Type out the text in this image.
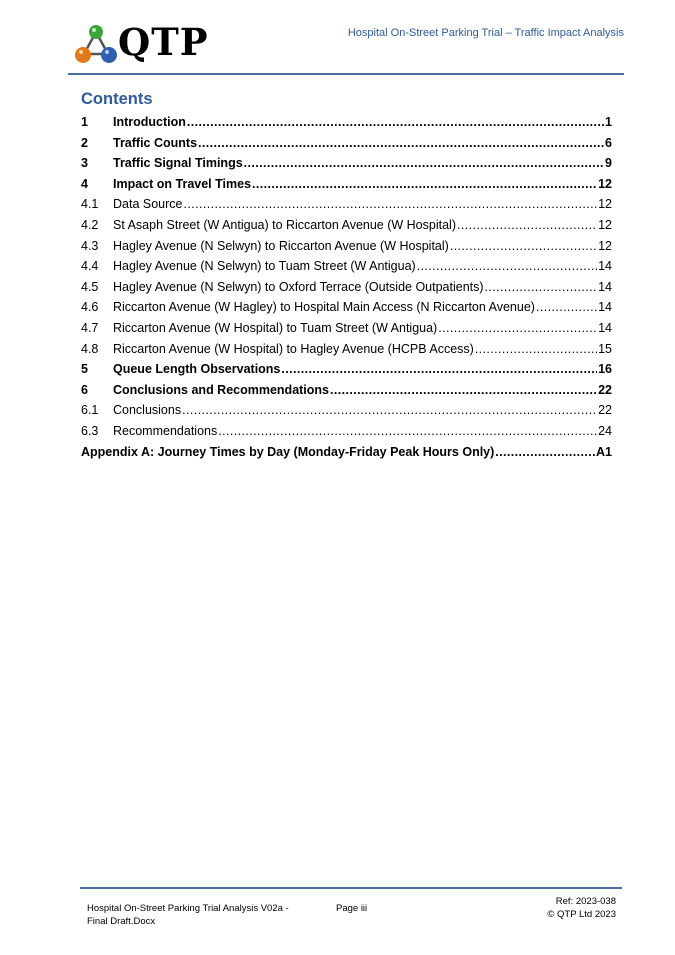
QTP	Hospital On-Street Parking Trial – Traffic Impact Analysis
Contents
1	Introduction .....	1
2	Traffic Counts .....	6
3	Traffic Signal Timings .....	9
4	Impact on Travel Times .....	12
4.1	Data Source .....	12
4.2	St Asaph Street (W Antigua) to Riccarton Avenue (W Hospital) .....	12
4.3	Hagley Avenue (N Selwyn) to Riccarton Avenue (W Hospital) .....	12
4.4	Hagley Avenue (N Selwyn) to Tuam Street (W Antigua) .....	14
4.5	Hagley Avenue (N Selwyn) to Oxford Terrace (Outside Outpatients) .....	14
4.6	Riccarton Avenue (W Hagley) to Hospital Main Access (N Riccarton Avenue) .....	14
4.7	Riccarton Avenue (W Hospital) to Tuam Street (W Antigua) .....	14
4.8	Riccarton Avenue (W Hospital) to Hagley Avenue (HCPB Access) .....	15
5	Queue Length Observations .....	16
6	Conclusions and Recommendations .....	22
6.1	Conclusions .....	22
6.3	Recommendations .....	24
Appendix A: Journey Times by Day (Monday-Friday Peak Hours Only) .....	A1
Hospital On-Street Parking Trial Analysis V02a -
Final Draft.Docx
Page iii
Ref: 2023-038
© QTP Ltd 2023
